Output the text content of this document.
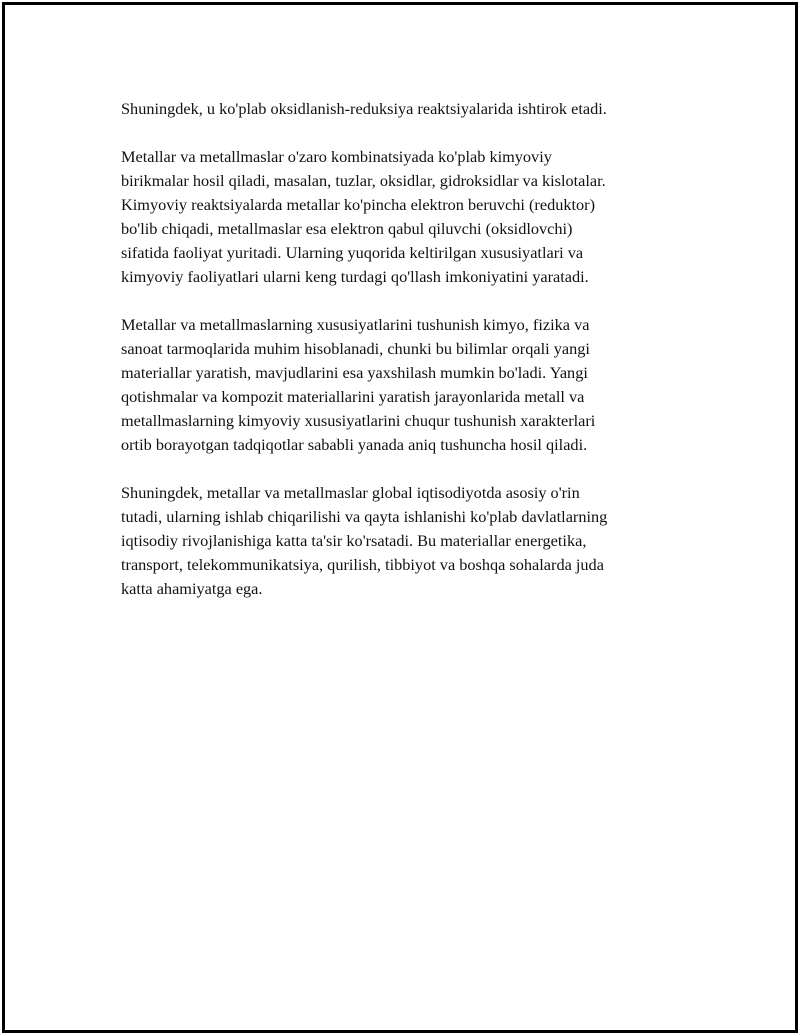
Shuningdek, u ko'plab oksidlanish-reduksiya reaktsiyalarida ishtirok etadi.

Metallar va metallmaslar o'zaro kombinatsiyada ko'plab kimyoviy
birikmalar hosil qiladi, masalan, tuzlar, oksidlar, gidroksidlar va kislotalar.
Kimyoviy reaktsiyalarda metallar ko'pincha elektron beruvchi (reduktor)
bo'lib chiqadi, metallmaslar esa elektron qabul qiluvchi (oksidlovchi)
sifatida faoliyat yuritadi. Ularning yuqorida keltirilgan xususiyatlari va
kimyoviy faoliyatlari ularni keng turdagi qo'llash imkoniyatini yaratadi.

Metallar va metallmaslarning xususiyatlarini tushunish kimyo, fizika va
sanoat tarmoqlarida muhim hisoblanadi, chunki bu bilimlar orqali yangi
materiallar yaratish, mavjudlarini esa yaxshilash mumkin bo'ladi. Yangi
qotishmalar va kompozit materiallarini yaratish jarayonlarida metall va
metallmaslarning kimyoviy xususiyatlarini chuqur tushunish xarakterlari
ortib borayotgan tadqiqotlar sababli yanada aniq tushuncha hosil qiladi.

Shuningdek, metallar va metallmaslar global iqtisodiyotda asosiy o'rin
tutadi, ularning ishlab chiqarilishi va qayta ishlanishi ko'plab davlatlarning
iqtisodiy rivojlanishiga katta ta'sir ko'rsatadi. Bu materiallar energetika,
transport, telekommunikatsiya, qurilish, tibbiyot va boshqa sohalarda juda
katta ahamiyatga ega.
